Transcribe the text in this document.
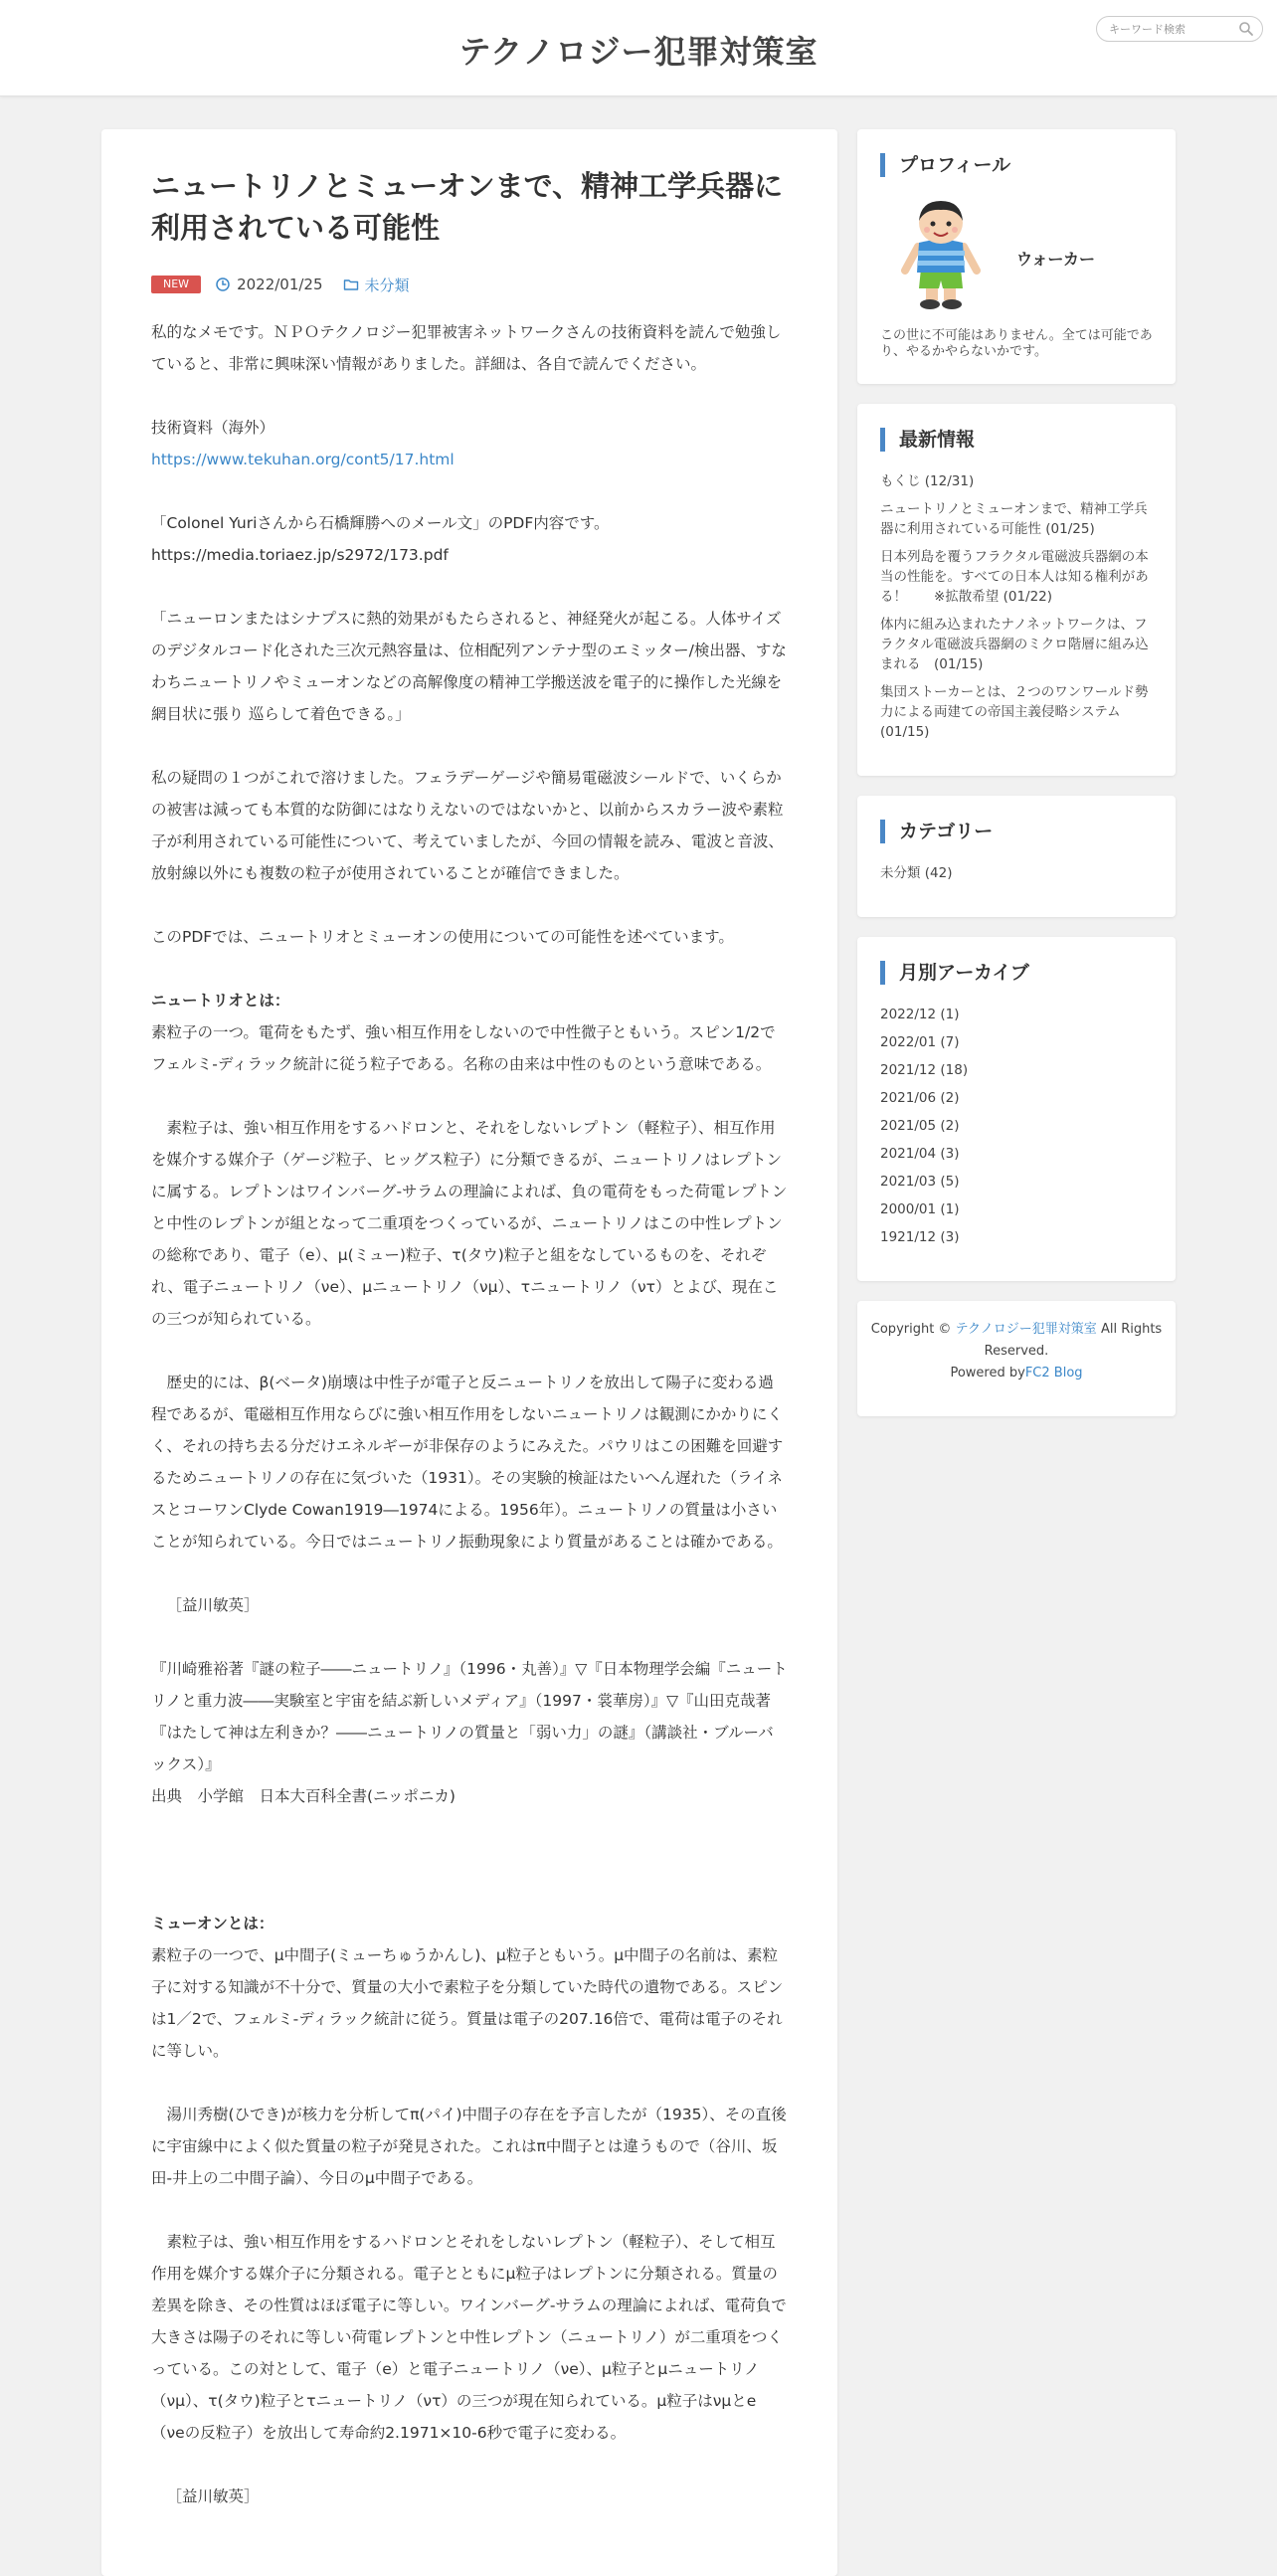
テクノロジー犯罪対策室
キーワード検索
ニュートリノとミューオンまで、精神工学兵器に利用されている可能性
NEW	2022/01/25	未分類

私的なメモです。ＮＰＯテクノロジー犯罪被害ネットワークさんの技術資料を読んで勉強していると、非常に興味深い情報がありました。詳細は、各自で読んでください。

技術資料（海外）
https://www.tekuhan.org/cont5/17.html

「Colonel Yuriさんから石橋輝勝へのメール文」のPDF内容です。
https://media.toriaez.jp/s2972/173.pdf

「ニューロンまたはシナプスに熱的効果がもたらされると、神経発火が起こる。人体サイズのデジタルコード化された三次元熱容量は、位相配列アンテナ型のエミッター/検出器、すなわちニュートリノやミューオンなどの高解像度の精神工学搬送波を電子的に操作した光線を網目状に張り 巡らして着色できる。」

私の疑問の１つがこれで溶けました。フェラデーゲージや簡易電磁波シールドで、いくらかの被害は減っても本質的な防御にはなりえないのではないかと、以前からスカラー波や素粒子が利用されている可能性について、考えていましたが、今回の情報を読み、電波と音波、放射線以外にも複数の粒子が使用されていることが確信できました。

このPDFでは、ニュートリオとミューオンの使用についての可能性を述べています。

ニュートリオとは：
素粒子の一つ。電荷をもたず、強い相互作用をしないので中性微子ともいう。スピン1/2でフェルミ-ディラック統計に従う粒子である。名称の由来は中性のものという意味である。

素粒子は、強い相互作用をするハドロンと、それをしないレプトン（軽粒子）、相互作用を媒介する媒介子（ゲージ粒子、ヒッグス粒子）に分類できるが、ニュートリノはレプトンに属する。レプトンはワインバーグ-サラムの理論によれば、負の電荷をもった荷電レプトンと中性のレプトンが組となって二重項をつくっているが、ニュートリノはこの中性レプトンの総称であり、電子（e）、μ(ミュー)粒子、τ(タウ)粒子と組をなしているものを、それぞれ、電子ニュートリノ（νe）、μニュートリノ（νμ）、τニュートリノ（ντ）とよび、現在この三つが知られている。

歴史的には、β(ベータ)崩壊は中性子が電子と反ニュートリノを放出して陽子に変わる過程であるが、電磁相互作用ならびに強い相互作用をしないニュートリノは観測にかかりにくく、それの持ち去る分だけエネルギーが非保存のようにみえた。パウリはこの困難を回避するためニュートリノの存在に気づいた（1931）。その実験的検証はたいへん遅れた（ライネスとコーワンClyde Cowan1919―1974による。1956年）。ニュートリノの質量は小さいことが知られている。今日ではニュートリノ振動現象により質量があることは確かである。

［益川敏英］

『川崎雅裕著『謎の粒子――ニュートリノ』（1996・丸善）』▽『日本物理学会編『ニュートリノと重力波――実験室と宇宙を結ぶ新しいメディア』（1997・裳華房）』▽『山田克哉著『はたして神は左利きか？――ニュートリノの質量と「弱い力」の謎』（講談社・ブルーバックス）』
出典　小学館　日本大百科全書(ニッポニカ)

ミューオンとは：
素粒子の一つで、μ中間子(ミューちゅうかんし)、μ粒子ともいう。μ中間子の名前は、素粒子に対する知識が不十分で、質量の大小で素粒子を分類していた時代の遺物である。スピンは1／2で、フェルミ-ディラック統計に従う。質量は電子の207.16倍で、電荷は電子のそれに等しい。

湯川秀樹(ひでき)が核力を分析してπ(パイ)中間子の存在を予言したが（1935）、その直後に宇宙線中によく似た質量の粒子が発見された。これはπ中間子とは違うもので（谷川、坂田-井上の二中間子論）、今日のμ中間子である。

素粒子は、強い相互作用をするハドロンとそれをしないレプトン（軽粒子）、そして相互作用を媒介する媒介子に分類される。電子とともにμ粒子はレプトンに分類される。質量の差異を除き、その性質はほぼ電子に等しい。ワインバーグ-サラムの理論によれば、電荷負で大きさは陽子のそれに等しい荷電レプトンと中性レプトン（ニュートリノ）が二重項をつくっている。この対として、電子（e）と電子ニュートリノ（νe）、μ粒子とμニュートリノ（νμ）、τ(タウ)粒子とτニュートリノ（ντ）の三つが現在知られている。μ粒子はνμとe（νeの反粒子）を放出して寿命約2.1971×10-6秒で電子に変わる。

［益川敏英］

プロフィール
ウォーカー
この世に不可能はありません。全ては可能であり、やるかやらないかです。
最新情報
もくじ (12/31)
ニュートリノとミューオンまで、精神工学兵器に利用されている可能性 (01/25)
日本列島を覆うフラクタル電磁波兵器網の本当の性能を。すべての日本人は知る権利がある！　　※拡散希望 (01/22)
体内に組み込まれたナノネットワークは、フラクタル電磁波兵器網のミクロ階層に組み込まれる　(01/15)
集団ストーカーとは、２つのワンワールド勢力による両建ての帝国主義侵略システム (01/15)
カテゴリー
未分類 (42)
月別アーカイブ
2022/12 (1)
2022/01 (7)
2021/12 (18)
2021/06 (2)
2021/05 (2)
2021/04 (3)
2021/03 (5)
2000/01 (1)
1921/12 (3)
Copyright © テクノロジー犯罪対策室 All Rights Reserved.
Powered byFC2 Blog
